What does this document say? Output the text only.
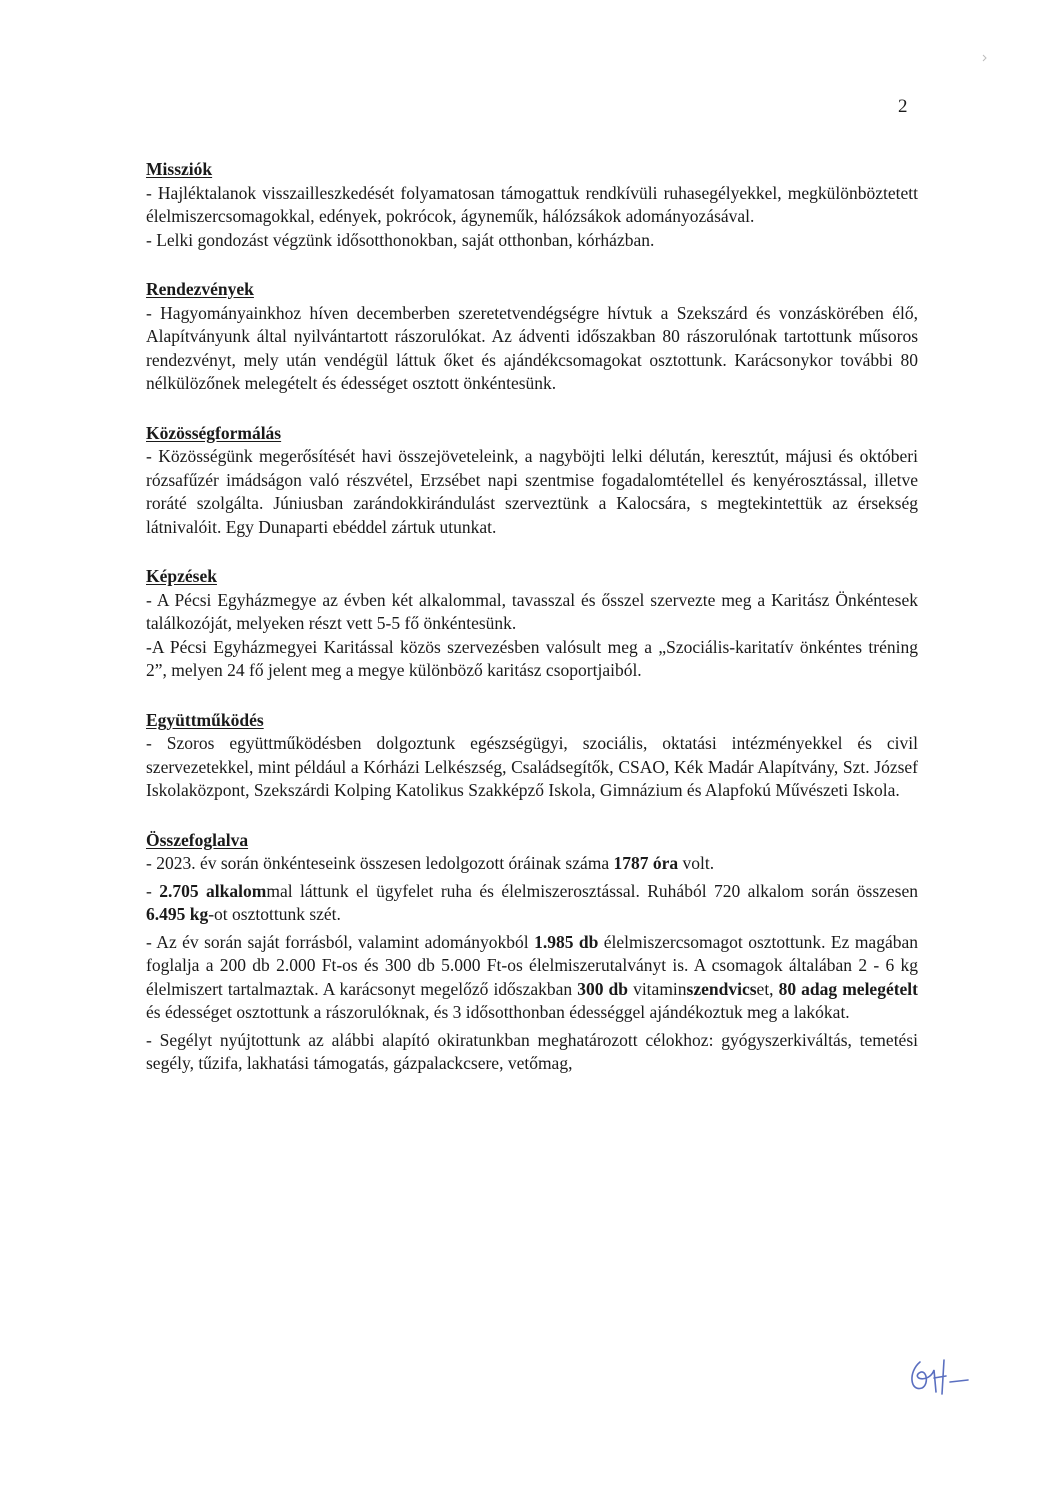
2
Missziók

- Hajléktalanok visszailleszkedését folyamatosan támogattuk rendkívüli ruhasegélyekkel, megkülönböztetett élelmiszercsomagokkal, edények, pokrócok, ágyneműk, hálózsákok adományozásával.

- Lelki gondozást végzünk idősotthonokban, saját otthonban, kórházban.

Rendezvények

- Hagyományainkhoz híven decemberben szeretetvendégségre hívtuk a Szekszárd és vonzáskörében élő, Alapítványunk által nyilvántartott rászorulókat. Az ádventi időszakban 80 rászorulónak tartottunk műsoros rendezvényt, mely után vendégül láttuk őket és ajándékcsomagokat osztottunk. Karácsonykor további 80 nélkülözőnek melegételt és édességet osztott önkéntesünk.

Közösségformálás

- Közösségünk megerősítését havi összejöveteleink, a nagyböjti lelki délután, keresztút, májusi és októberi rózsafűzér imádságon való részvétel, Erzsébet napi szentmise fogadalomtétellel és kenyérosztással, illetve roráté szolgálta. Júniusban zarándokkirándulást szerveztünk a Kalocsára, s megtekintettük az érsekség látnivalóit. Egy Dunaparti ebéddel zártuk utunkat.

Képzések

- A Pécsi Egyházmegye az évben két alkalommal, tavasszal és ősszel szervezte meg a Karitász Önkéntesek találkozóját, melyeken részt vett 5-5 fő önkéntesünk.

-A Pécsi Egyházmegyei Karitással közös szervezésben valósult meg a „Szociális-karitatív önkéntes tréning 2”, melyen 24 fő jelent meg a megye különböző karitász csoportjaiból.

Együttműködés

- Szoros együttműködésben dolgoztunk egészségügyi, szociális, oktatási intézményekkel és civil szervezetekkel, mint például a Kórházi Lelkészség, Családsegítők, CSAO, Kék Madár Alapítvány, Szt. József Iskolaközpont, Szekszárdi Kolping Katolikus Szakképző Iskola, Gimnázium és Alapfokú Művészeti Iskola.

Összefoglalva

- 2023. év során önkénteseink összesen ledolgozott óráinak száma 1787 óra volt.

- 2.705 alkalommal láttunk el ügyfelet ruha és élelmiszerosztással. Ruhából 720 alkalom során összesen 6.495 kg-ot osztottunk szét.

- Az év során saját forrásból, valamint adományokból 1.985 db élelmiszercsomagot osztottunk. Ez magában foglalja a 200 db 2.000 Ft-os és 300 db 5.000 Ft-os élelmiszerutalványt is. A csomagok általában 2 - 6 kg élelmiszert tartalmaztak. A karácsonyt megelőző időszakban 300 db vitaminszendvicset, 80 adag melegételt és édességet osztottunk a rászorulóknak, és 3 idősotthonban édességgel ajándékoztuk meg a lakókat.

- Segélyt nyújtottunk az alábbi alapító okiratunkban meghatározott célokhoz: gyógyszerkiváltás, temetési segély, tűzifa, lakhatási támogatás, gázpalackcsere, vetőmag,
